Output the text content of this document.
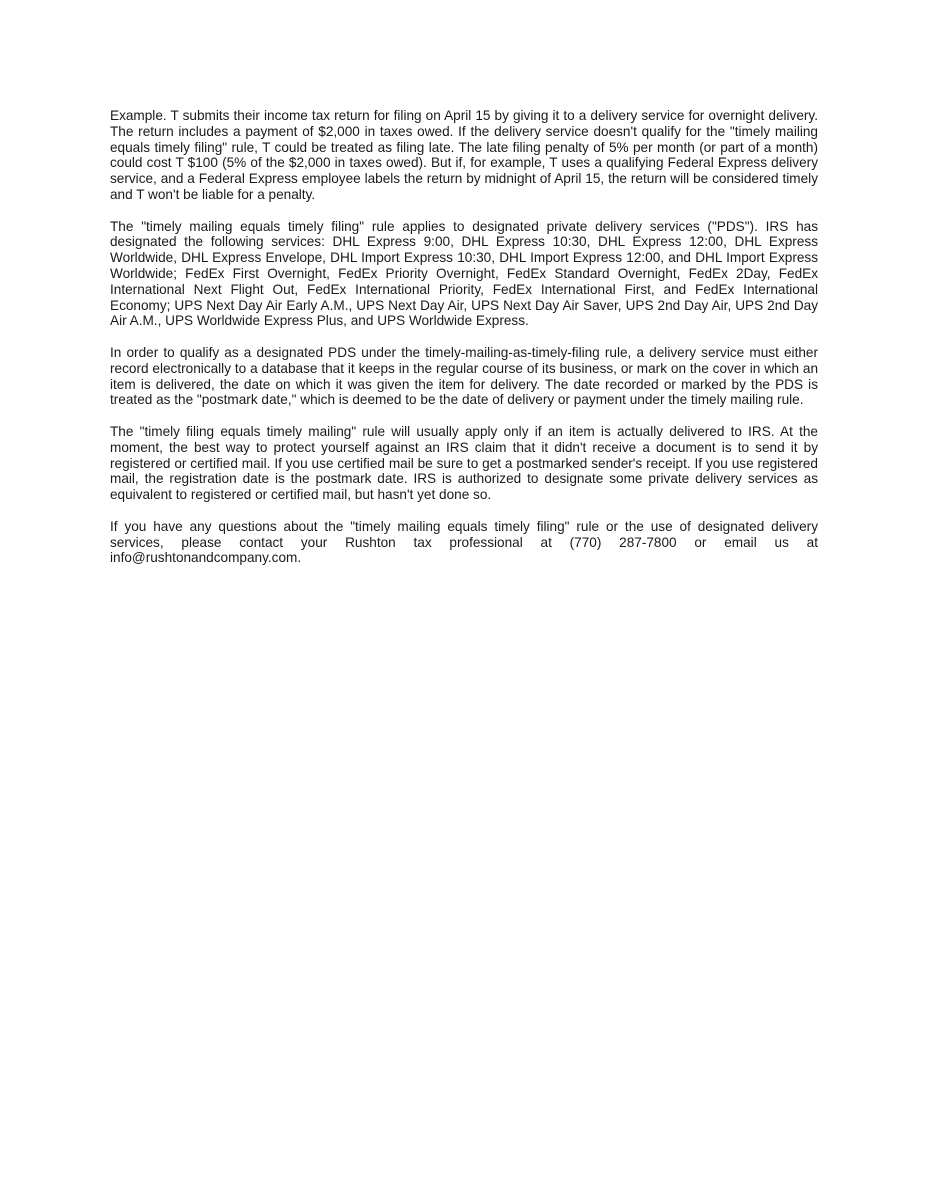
Example. T submits their income tax return for filing on April 15 by giving it to a delivery service for overnight delivery. The return includes a payment of $2,000 in taxes owed. If the delivery service doesn't qualify for the "timely mailing equals timely filing" rule, T could be treated as filing late. The late filing penalty of 5% per month (or part of a month) could cost T $100 (5% of the $2,000 in taxes owed). But if, for example, T uses a qualifying Federal Express delivery service, and a Federal Express employee labels the return by midnight of April 15, the return will be considered timely and T won't be liable for a penalty.

The "timely mailing equals timely filing" rule applies to designated private delivery services ("PDS"). IRS has designated the following services: DHL Express 9:00, DHL Express 10:30, DHL Express 12:00, DHL Express Worldwide, DHL Express Envelope, DHL Import Express 10:30, DHL Import Express 12:00, and DHL Import Express Worldwide; FedEx First Overnight, FedEx Priority Overnight, FedEx Standard Overnight, FedEx 2Day, FedEx International Next Flight Out, FedEx International Priority, FedEx International First, and FedEx International Economy; UPS Next Day Air Early A.M., UPS Next Day Air, UPS Next Day Air Saver, UPS 2nd Day Air, UPS 2nd Day Air A.M., UPS Worldwide Express Plus, and UPS Worldwide Express.

In order to qualify as a designated PDS under the timely-mailing-as-timely-filing rule, a delivery service must either record electronically to a database that it keeps in the regular course of its business, or mark on the cover in which an item is delivered, the date on which it was given the item for delivery. The date recorded or marked by the PDS is treated as the "postmark date," which is deemed to be the date of delivery or payment under the timely mailing rule.

The "timely filing equals timely mailing" rule will usually apply only if an item is actually delivered to IRS. At the moment, the best way to protect yourself against an IRS claim that it didn't receive a document is to send it by registered or certified mail. If you use certified mail be sure to get a postmarked sender's receipt. If you use registered mail, the registration date is the postmark date. IRS is authorized to designate some private delivery services as equivalent to registered or certified mail, but hasn't yet done so.

If you have any questions about the "timely mailing equals timely filing" rule or the use of designated delivery services, please contact your Rushton tax professional at (770) 287-7800 or email us at info@rushtonandcompany.com.
